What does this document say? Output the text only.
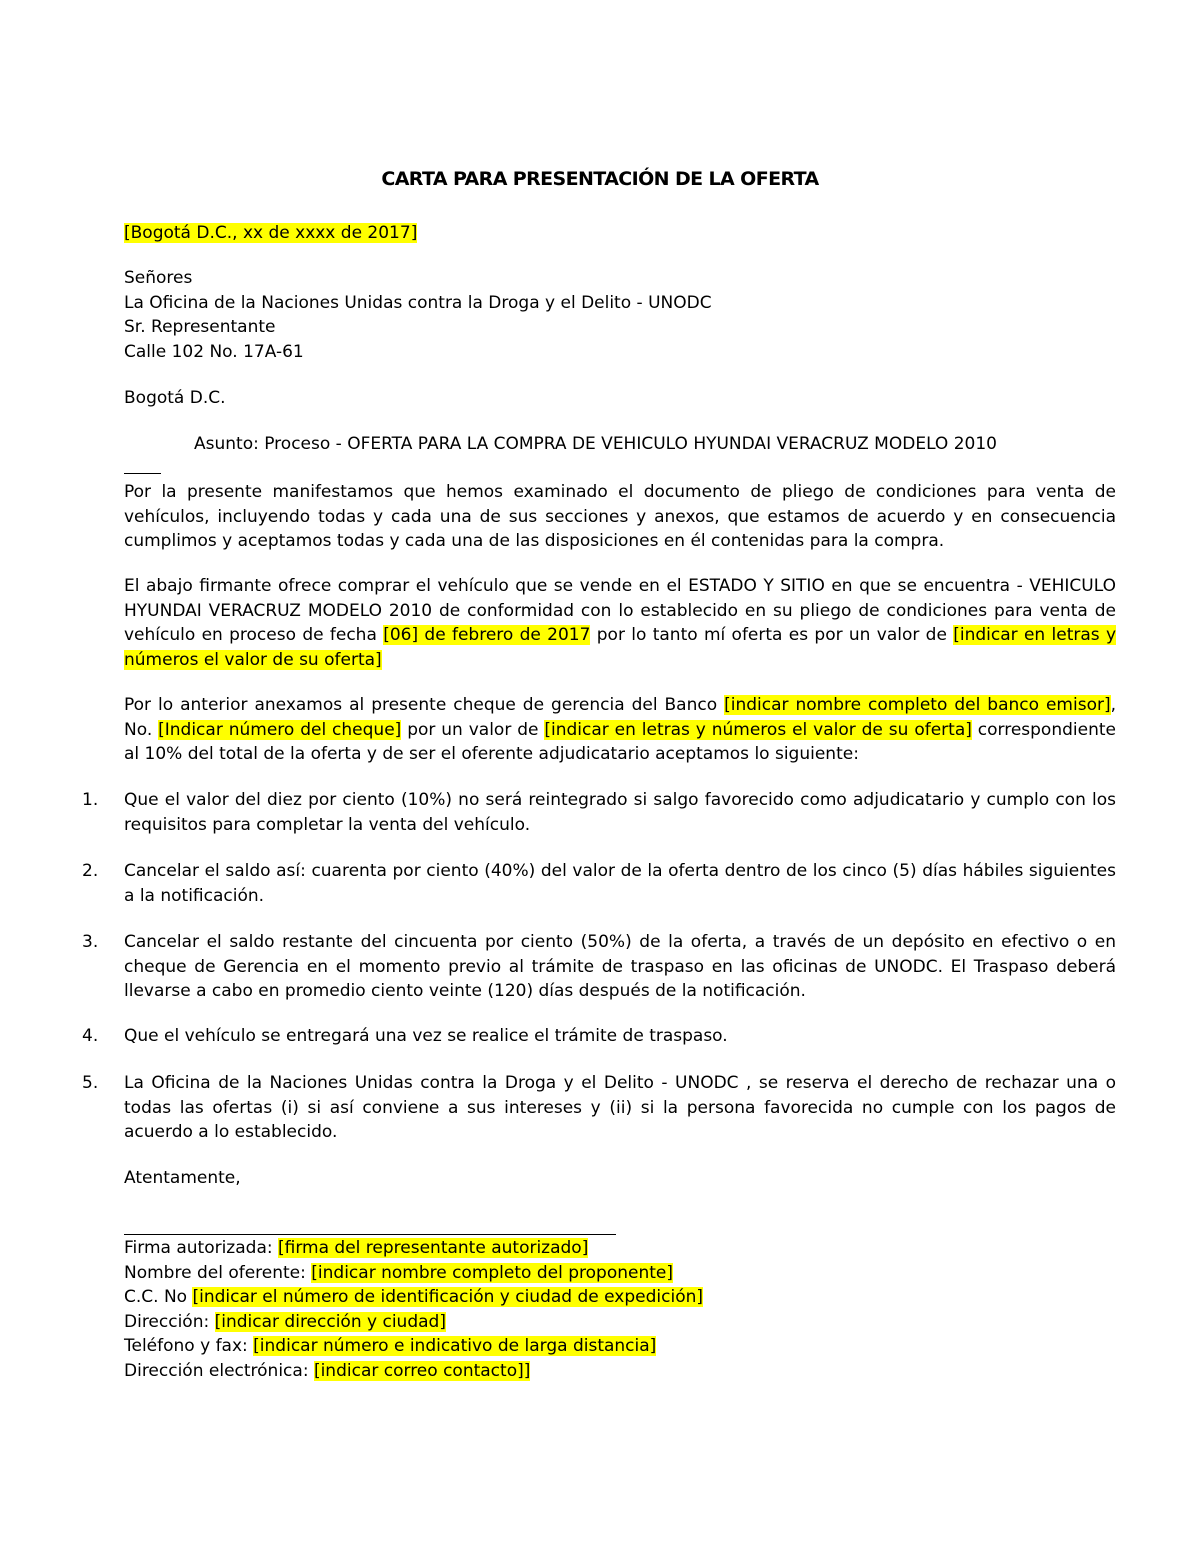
CARTA PARA PRESENTACIÓN DE LA OFERTA
[Bogotá D.C., xx de xxxx de 2017]
Señores
La Oficina de la Naciones Unidas contra la Droga y el Delito - UNODC
Sr. Representante
Calle 102 No. 17A-61
Bogotá D.C.
Asunto: Proceso - OFERTA PARA LA COMPRA DE VEHICULO HYUNDAI VERACRUZ MODELO 2010
Por la presente manifestamos que hemos examinado el documento de pliego de condiciones para venta de vehículos, incluyendo todas y cada una de sus secciones y anexos, que estamos de acuerdo y en consecuencia cumplimos y aceptamos todas y cada una de las disposiciones en él contenidas para la compra.
El abajo firmante ofrece comprar el vehículo que se vende en el ESTADO Y SITIO en que se encuentra - VEHICULO HYUNDAI VERACRUZ MODELO 2010 de conformidad con lo establecido en su pliego de condiciones para venta de vehículo en proceso de fecha [06] de febrero de 2017 por lo tanto mí oferta es por un valor de [indicar en letras y números el valor de su oferta]
Por lo anterior anexamos al presente cheque de gerencia del Banco [indicar nombre completo del banco emisor], No. [Indicar número del cheque] por un valor de [indicar en letras y números el valor de su oferta] correspondiente al 10% del total de la oferta y de ser el oferente adjudicatario aceptamos lo siguiente:
1.	Que el valor del diez por ciento (10%) no será reintegrado si salgo favorecido como adjudicatario y cumplo con los requisitos para completar la venta del vehículo.
2.	Cancelar el saldo así: cuarenta por ciento (40%) del valor de la oferta dentro de los cinco (5) días hábiles siguientes a la notificación.
3.	Cancelar el saldo restante del cincuenta por ciento (50%) de la oferta, a través de un depósito en efectivo o en cheque de Gerencia en el momento previo al trámite de traspaso en las oficinas de UNODC. El Traspaso deberá llevarse a cabo en promedio ciento veinte (120) días después de la notificación.
4.	Que el vehículo se entregará una vez se realice el trámite de traspaso.
5.	La Oficina de la Naciones Unidas contra la Droga y el Delito - UNODC , se reserva el derecho de rechazar una o todas las ofertas (i) si así conviene a sus intereses y (ii) si la persona favorecida no cumple con los pagos de acuerdo a lo establecido.
Atentamente,
Firma autorizada: [firma del representante autorizado]
Nombre del oferente: [indicar nombre completo del proponente]
C.C. No [indicar el número de identificación y ciudad de expedición]
Dirección: [indicar dirección y ciudad]
Teléfono y fax: [indicar número e indicativo de larga distancia]
Dirección electrónica: [indicar correo contacto]]
